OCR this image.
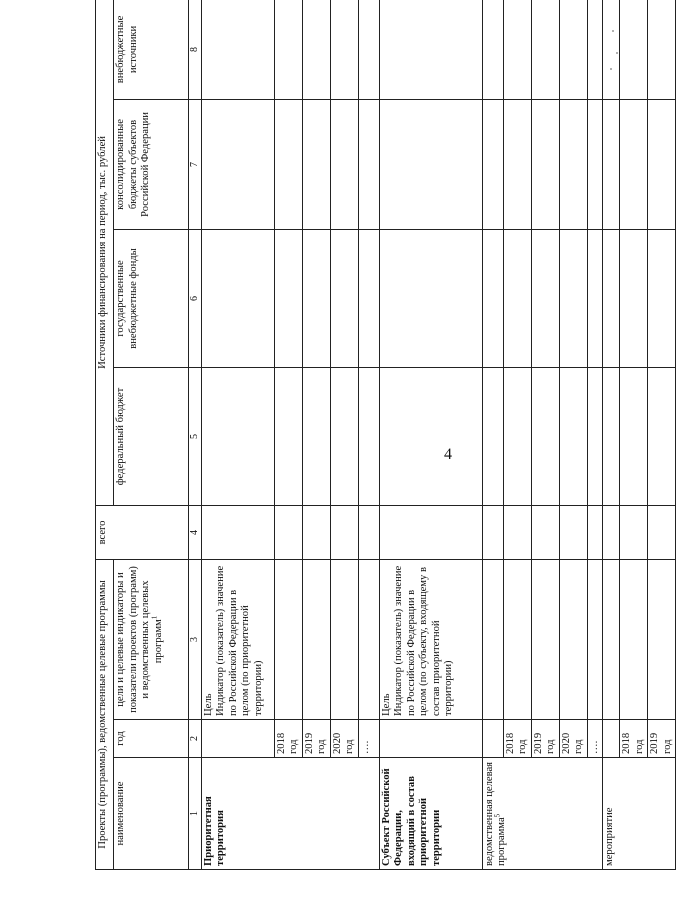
4
Проекты (программы), ведомственные целевые программы			всего	Источники финансирования на период, тыс. рублей			
наименование	год	цели и целевые индикаторы и показатели проектов (программ) и ведомственных целевых программ$^1$		федеральный бюджет	государственные внебюджетные фонды	консолидированные бюджеты субъектов Российской Федерации	внебюджетные источники
1	2	3	4	5	6	7	8
Приоритетная территория		Цель Индикатор (показатель) значение по Российской Федерации в целом (по приоритетной территории)					

	2018 год						
	2019 год						
	2020 год						
	….						
Субъект Российской Федерации, входящий в состав приоритетной территории		Цель Индикатор (показатель) значение по Российской Федерации в целом (по субъекту, входящему в состав приоритетной территории)					

ведомственная целевая программа$^5$							
	2018 год						
	2019 год						
	2020 год						
	….						
мероприятие							
	2018 год						
	2019 год						
